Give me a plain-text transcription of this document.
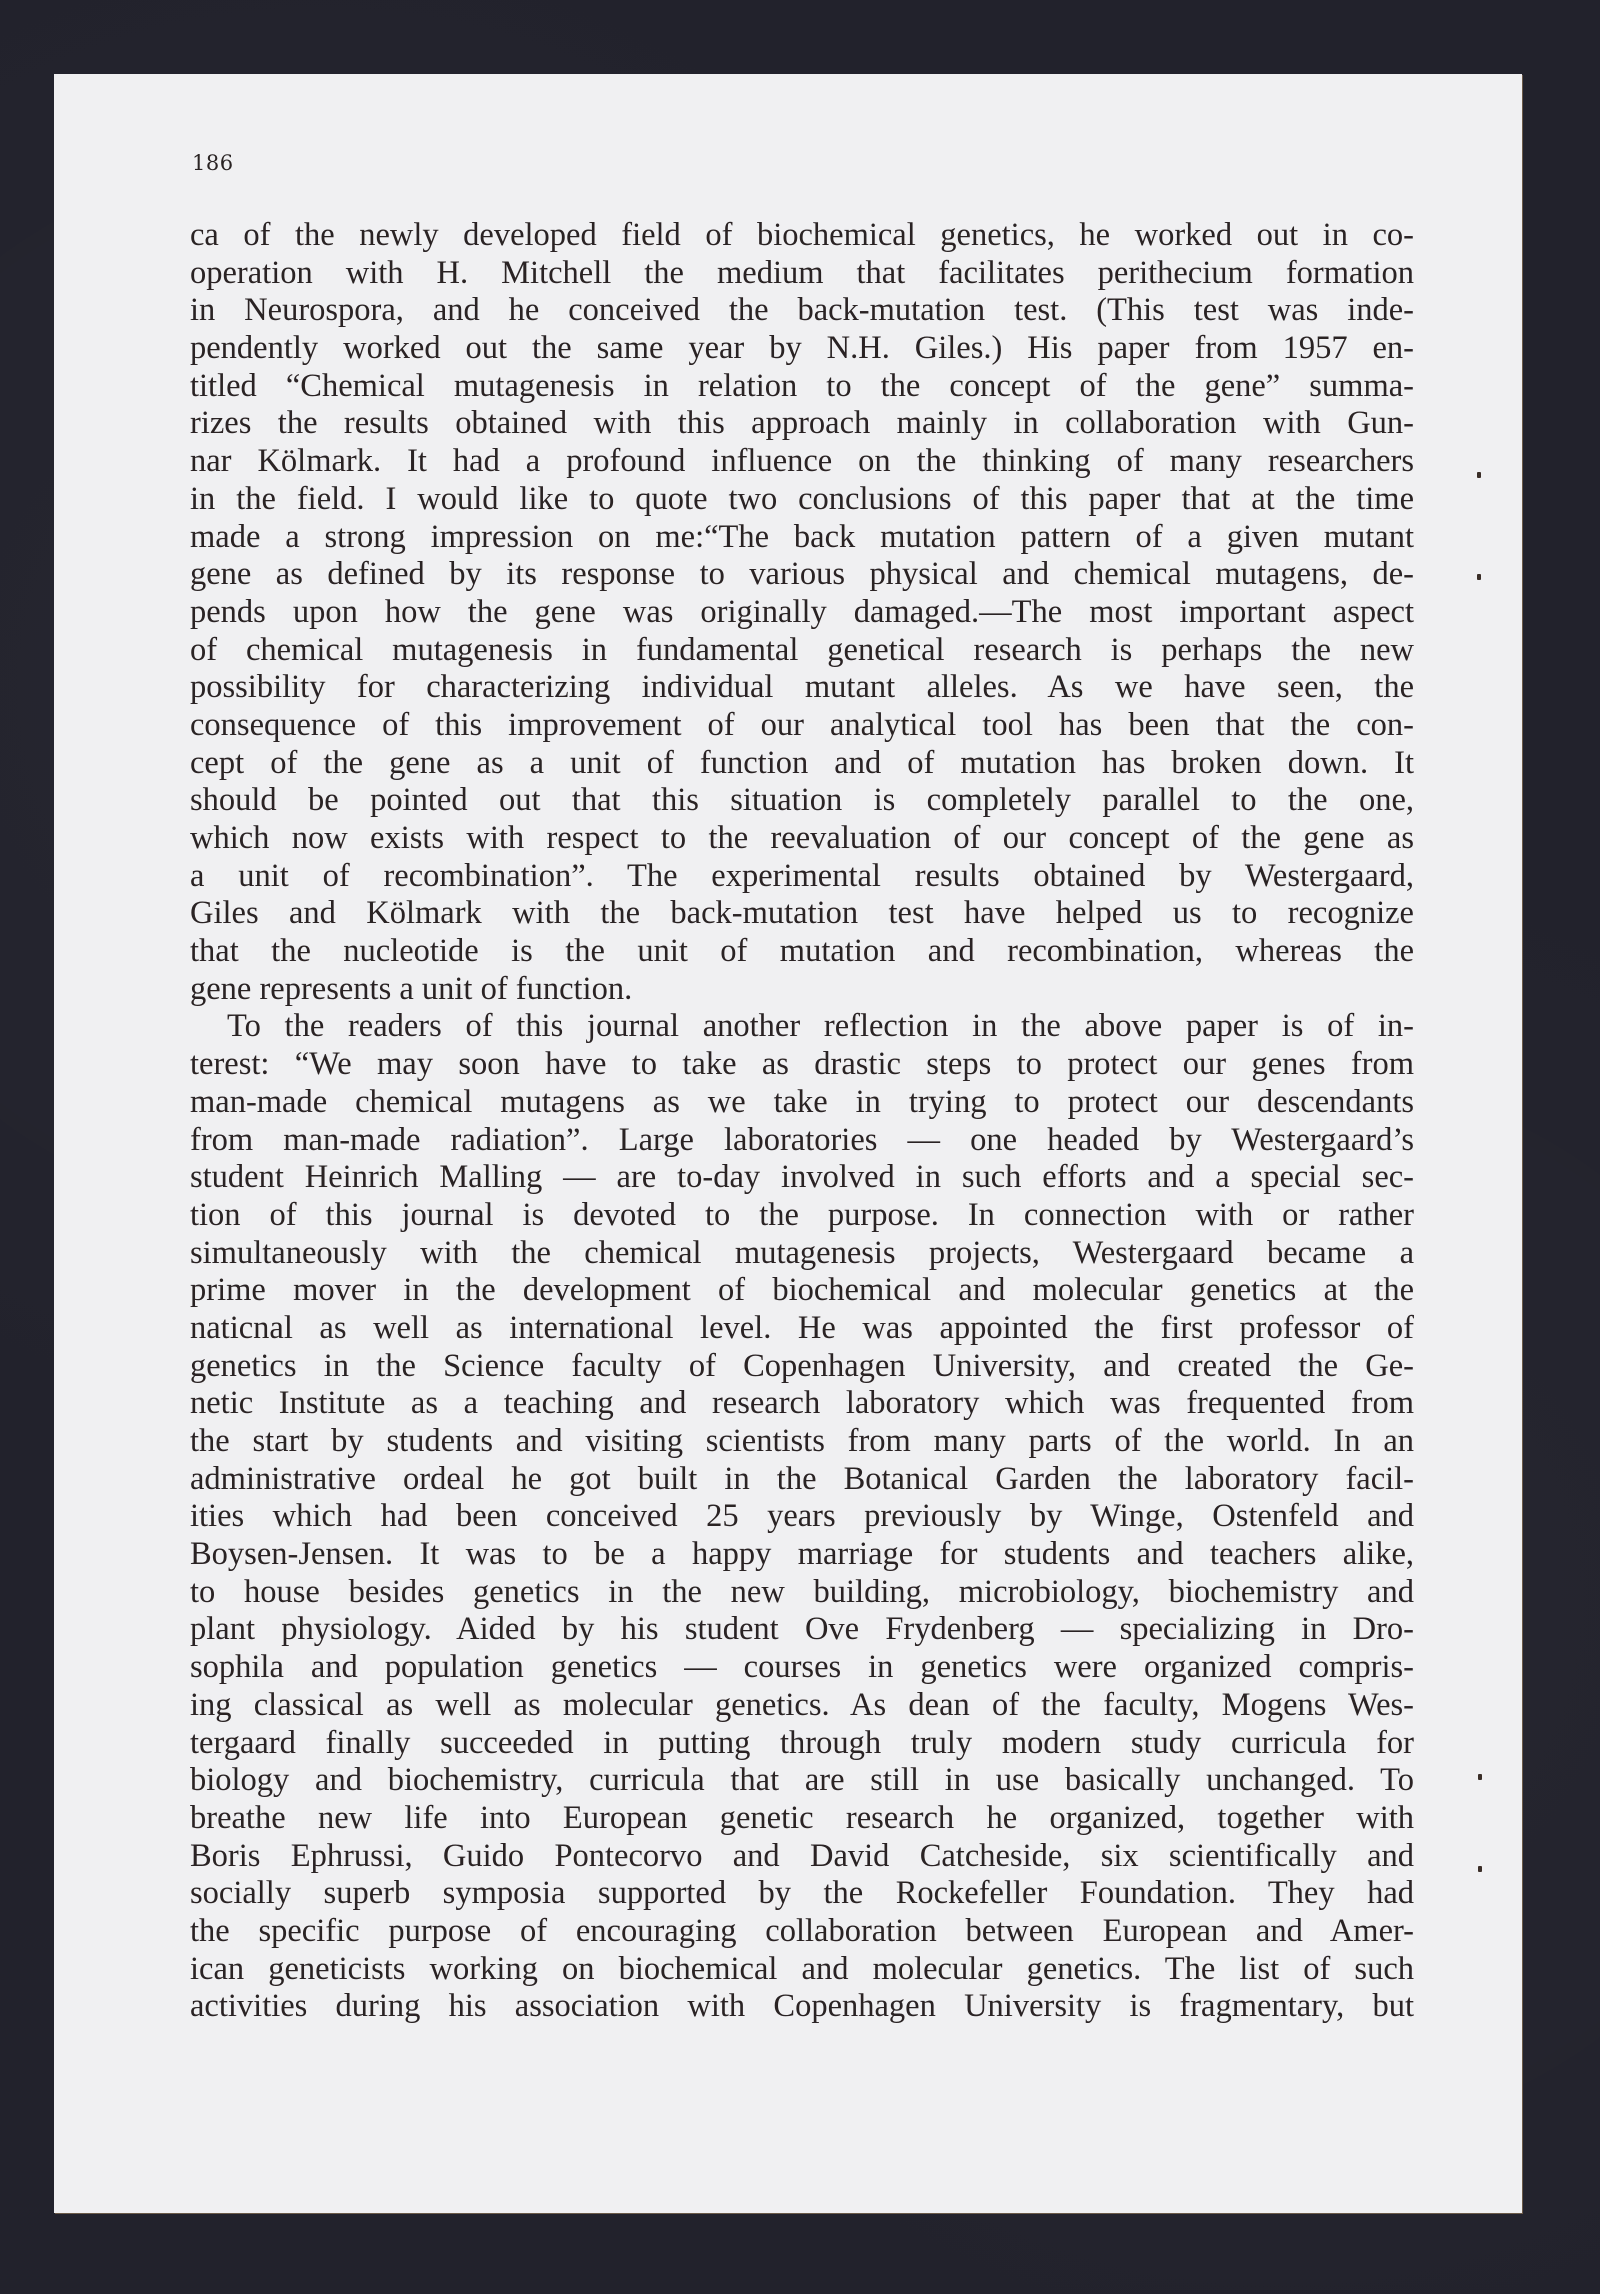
186
ca of the newly developed field of biochemical genetics, he worked out in co-
operation with H. Mitchell the medium that facilitates perithecium formation
in Neurospora, and he conceived the back-mutation test. (This test was inde-
pendently worked out the same year by N.H. Giles.) His paper from 1957 en-
titled “Chemical mutagenesis in relation to the concept of the gene” summa-
rizes the results obtained with this approach mainly in collaboration with Gun-
nar Kölmark. It had a profound influence on the thinking of many researchers
in the field. I would like to quote two conclusions of this paper that at the time
made a strong impression on me:“The back mutation pattern of a given mutant
gene as defined by its response to various physical and chemical mutagens, de-
pends upon how the gene was originally damaged.—The most important aspect
of chemical mutagenesis in fundamental genetical research is perhaps the new
possibility for characterizing individual mutant alleles. As we have seen, the
consequence of this improvement of our analytical tool has been that the con-
cept of the gene as a unit of function and of mutation has broken down. It
should be pointed out that this situation is completely parallel to the one,
which now exists with respect to the reevaluation of our concept of the gene as
a unit of recombination”. The experimental results obtained by Westergaard,
Giles and Kölmark with the back-mutation test have helped us to recognize
that the nucleotide is the unit of mutation and recombination, whereas the
gene represents a unit of function.
To the readers of this journal another reflection in the above paper is of in-
terest: “We may soon have to take as drastic steps to protect our genes from
man-made chemical mutagens as we take in trying to protect our descendants
from man-made radiation”. Large laboratories — one headed by Westergaard’s
student Heinrich Malling — are to-day involved in such efforts and a special sec-
tion of this journal is devoted to the purpose. In connection with or rather
simultaneously with the chemical mutagenesis projects, Westergaard became a
prime mover in the development of biochemical and molecular genetics at the
naticnal as well as international level. He was appointed the first professor of
genetics in the Science faculty of Copenhagen University, and created the Ge-
netic Institute as a teaching and research laboratory which was frequented from
the start by students and visiting scientists from many parts of the world. In an
administrative ordeal he got built in the Botanical Garden the laboratory facil-
ities which had been conceived 25 years previously by Winge, Ostenfeld and
Boysen-Jensen. It was to be a happy marriage for students and teachers alike,
to house besides genetics in the new building, microbiology, biochemistry and
plant physiology. Aided by his student Ove Frydenberg — specializing in Dro-
sophila and population genetics — courses in genetics were organized compris-
ing classical as well as molecular genetics. As dean of the faculty, Mogens Wes-
tergaard finally succeeded in putting through truly modern study curricula for
biology and biochemistry, curricula that are still in use basically unchanged. To
breathe new life into European genetic research he organized, together with
Boris Ephrussi, Guido Pontecorvo and David Catcheside, six scientifically and
socially superb symposia supported by the Rockefeller Foundation. They had
the specific purpose of encouraging collaboration between European and Amer-
ican geneticists working on biochemical and molecular genetics. The list of such
activities during his association with Copenhagen University is fragmentary, but
